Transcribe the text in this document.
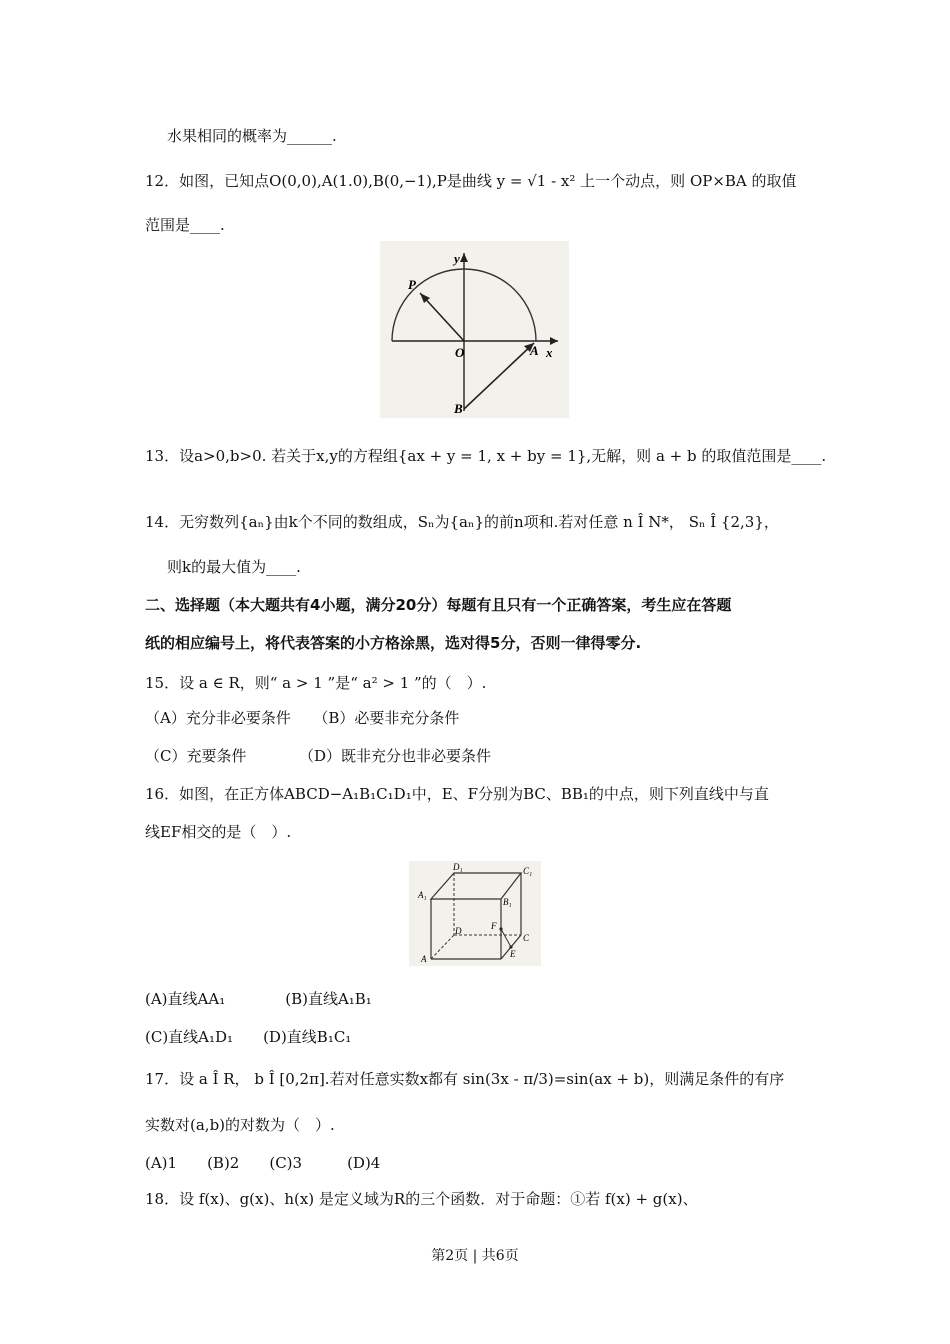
水果相同的概率为______.
12．如图，已知点O(0,0),A(1.0),B(0,−1),P是曲线 y = √1 - x² 上一个动点，则 OP×BA 的取值
范围是____.
y
x
P
O	A
B
13．设a>0,b>0. 若关于x,y的方程组{ax + y = 1, x + by = 1},无解，则 a + b 的取值范围是____.
14．无穷数列{aₙ}由k个不同的数组成，Sₙ为{aₙ}的前n项和.若对任意 n Î N*， Sₙ Î {2,3}，
则k的最大值为____.
二、选择题（本大题共有4小题，满分20分）每题有且只有一个正确答案，考生应在答题
纸的相应编号上，将代表答案的小方格涂黑，选对得5分，否则一律得零分.
15．设 a ∈ R，则“ a > 1 ”是“ a² > 1 ”的（　）.
（A）充分非必要条件　　（B）必要非充分条件
（C）充要条件　　　　（D）既非充分也非必要条件
16．如图，在正方体ABCD−A₁B₁C₁D₁中，E、F分别为BC、BB₁的中点，则下列直线中与直
线EF相交的是（　）.
D₁	C₁
A₁
B₁
D	F
C
A	E
(A)直线AA₁　　　　(B)直线A₁B₁
(C)直线A₁D₁　　(D)直线B₁C₁
17．设 a Î R， b Î [0,2π].若对任意实数x都有 sin(3x - π/3)=sin(ax + b)，则满足条件的有序
实数对(a,b)的对数为（　）.
(A)1　　(B)2　　(C)3　　　(D)4
18．设 f(x)、g(x)、h(x) 是定义域为R的三个函数．对于命题：①若 f(x) + g(x)、
第2页 | 共6页
